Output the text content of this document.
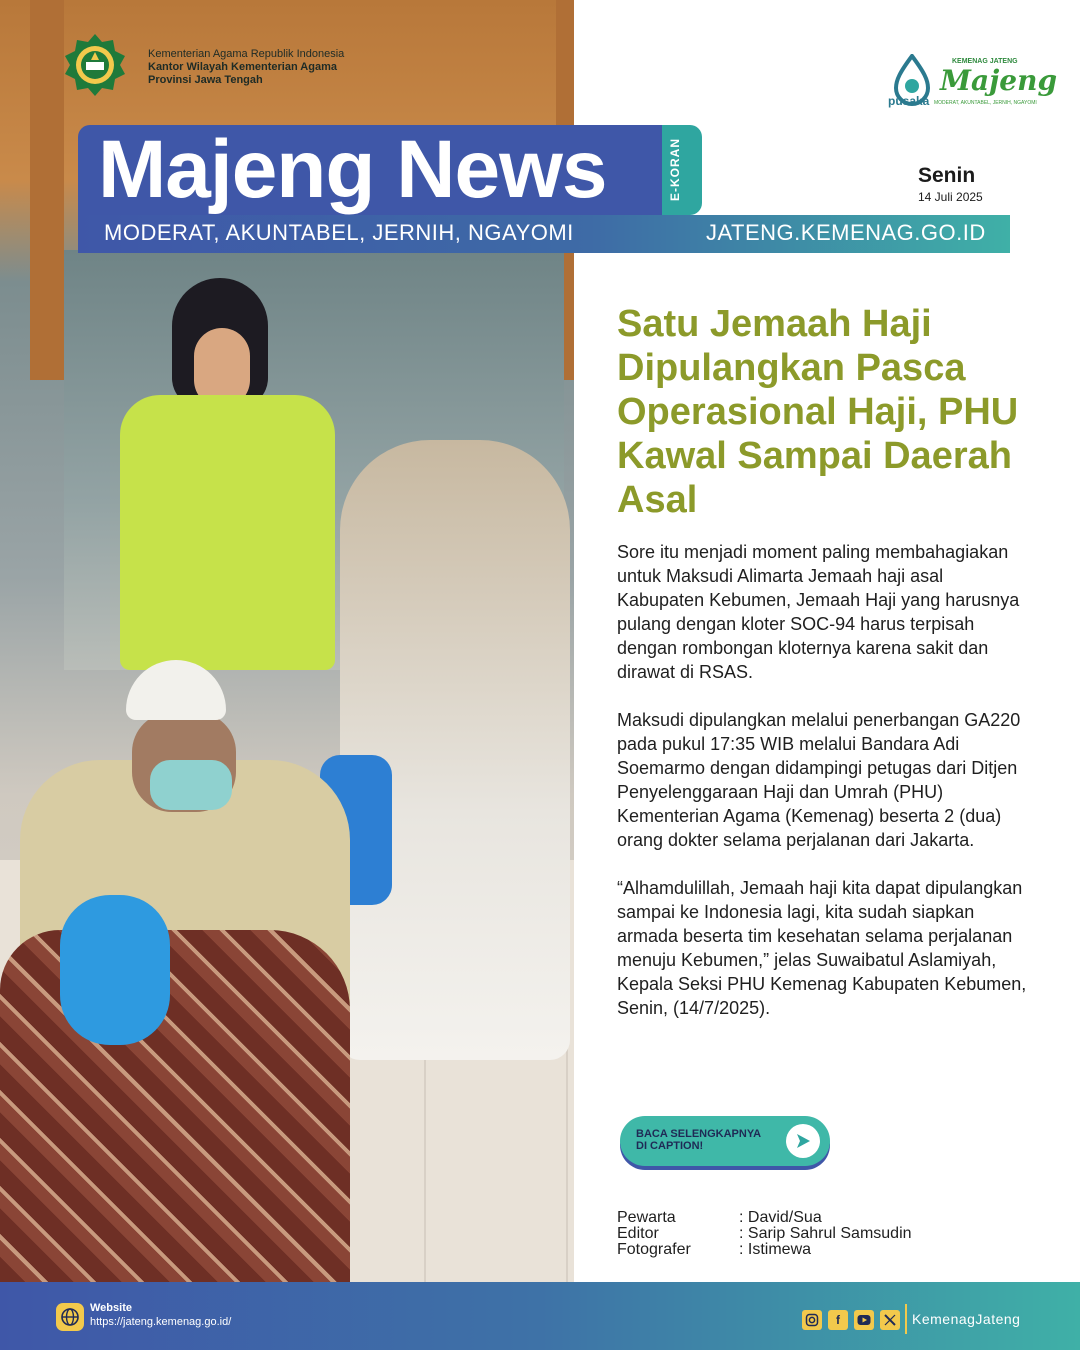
Kementerian Agama Republik Indonesia
Kantor Wilayah Kementerian Agama
Provinsi Jawa Tengah
pusaka
KEMENAG JATENG
Majeng
MODERAT, AKUNTABEL, JERNIH, NGAYOMI
Majeng News	E-KORAN
MODERAT, AKUNTABEL, JERNIH, NGAYOMI	JATENG.KEMENAG.GO.ID
Senin
14 Juli 2025
Satu Jemaah Haji Dipulangkan Pasca Operasional Haji, PHU Kawal Sampai Daerah Asal

Sore itu menjadi moment paling membahagiakan untuk Maksudi Alimarta Jemaah haji asal Kabupaten Kebumen, Jemaah Haji yang harusnya pulang dengan kloter SOC-94 harus terpisah dengan rombongan kloternya karena sakit dan dirawat di RSAS.

Maksudi dipulangkan melalui penerbangan GA220 pada pukul 17:35 WIB melalui Bandara Adi Soemarmo dengan didampingi petugas dari Ditjen Penyelenggaraan Haji dan Umrah (PHU) Kementerian Agama (Kemenag) beserta 2 (dua) orang dokter selama perjalanan dari Jakarta.

“Alhamdulillah, Jemaah haji kita dapat dipulangkan sampai ke Indonesia lagi, kita sudah siapkan armada beserta tim kesehatan selama perjalanan menuju Kebumen,” jelas Suwaibatul Aslamiyah, Kepala Seksi PHU Kemenag Kabupaten Kebumen, Senin, (14/7/2025).

BACA SELENGKAPNYA
DI CAPTION!
Pewarta	: David/Sua
Editor	: Sarip Sahrul Samsudin
Fotografer	: Istimewa
Website
https://jateng.kemenag.go.id/	f	KemenagJateng
